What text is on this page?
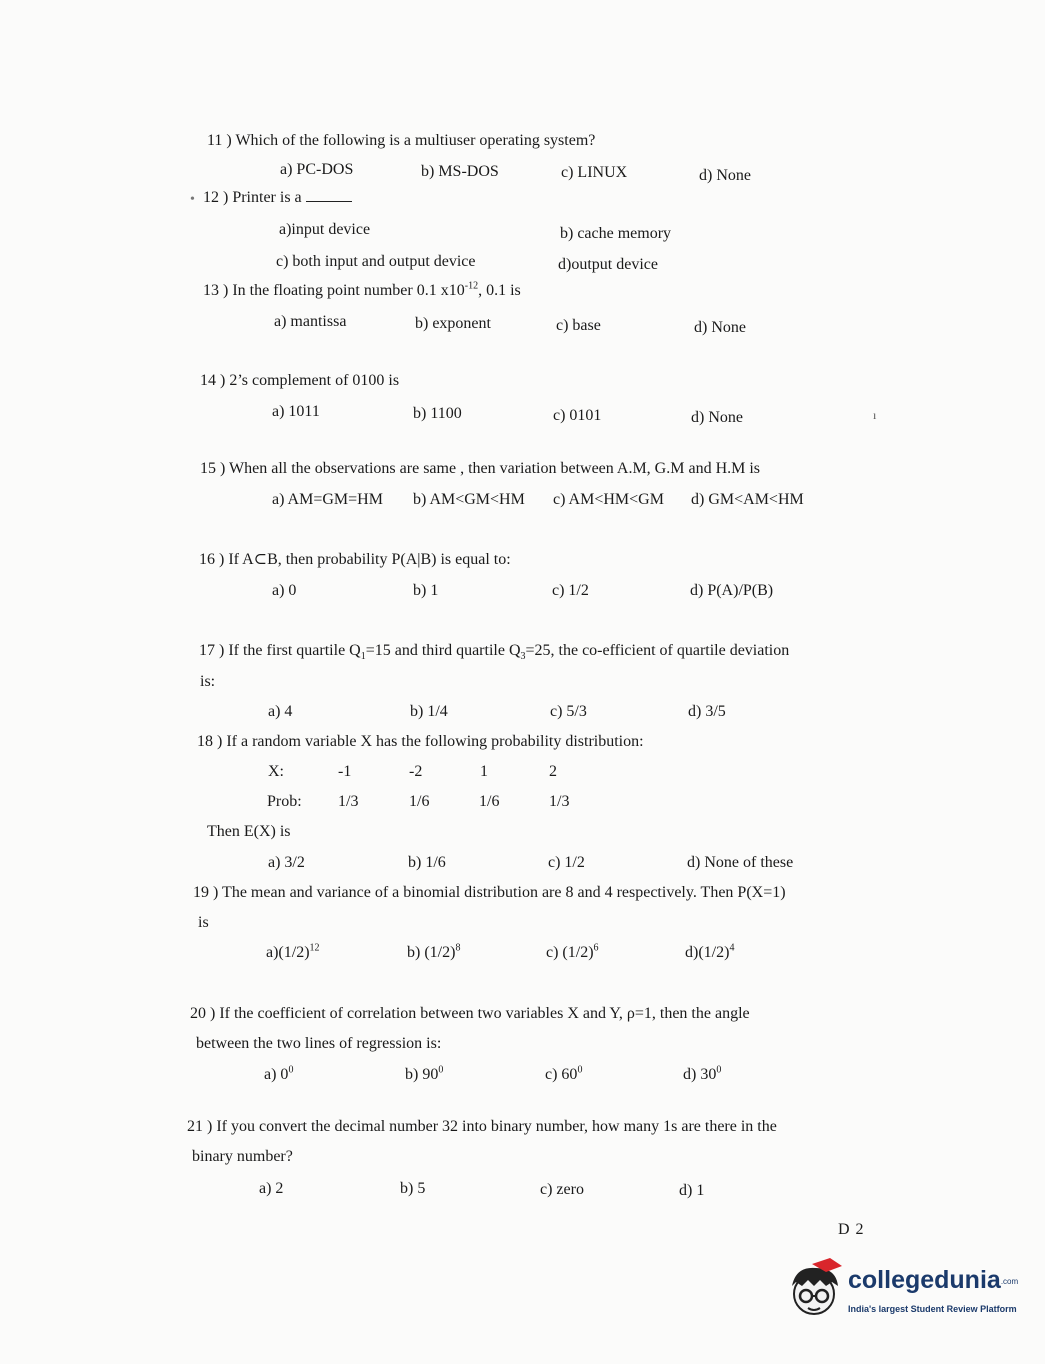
11 ) Which of the following is a multiuser operating system?
a) PC-DOS	b) MS-DOS	c) LINUX	d) None
• 12 ) Printer is a
a)input device	b) cache memory
c) both input and output device	d)output device
13 ) In the floating point number 0.1 $x10^{-12}$, 0.1 is
a) mantissa	b) exponent	c) base	d) None
14 ) 2’s complement of 0100 is
a) 1011	b) 1100	c) 0101	d) None
15 ) When all the observations are same , then variation between A.M, G.M and H.M is
a) AM=GM=HM b) AM<GM<HM c) AM<HM<GM d) GM<AM<HM
16 ) If A⊂B, then probability P(A|B) is equal to:
a) 0	b) 1	c) 1/2	d) P(A)/P(B)
17 ) If the first quartile $Q_1=15$ and third quartile $Q_3=25$, the co-efficient of quartile deviation
is:
a) 4	b) 1/4	c) 5/3	d) 3/5
18 ) If a random variable X has the following probability distribution:
X:	-1	-2	1	2
Prob: 1/3	1/6	1/6	1/3
Then E(X) is
a) 3/2	b) 1/6	c) 1/2	d) None of these
19 ) The mean and variance of a binomial distribution are 8 and 4 respectively. Then P(X=1)
is
$a)(1/2)^{12}$	b) $(1/2)^8$	c) $(1/2)^6$	$d)(1/2)^4$
20 ) If the coefficient of correlation between two variables X and Y, ρ=1, then the angle
between the two lines of regression is:
a) $0^0$	b) $90^0$	c) $60^0$	d) $30^0$
21 ) If you convert the decimal number 32 into binary number, how many 1s are there in the
binary number?
a) 2	b) 5	c) zero	d) 1
ı
D 2
collegedunia.com
India's largest Student Review Platform
